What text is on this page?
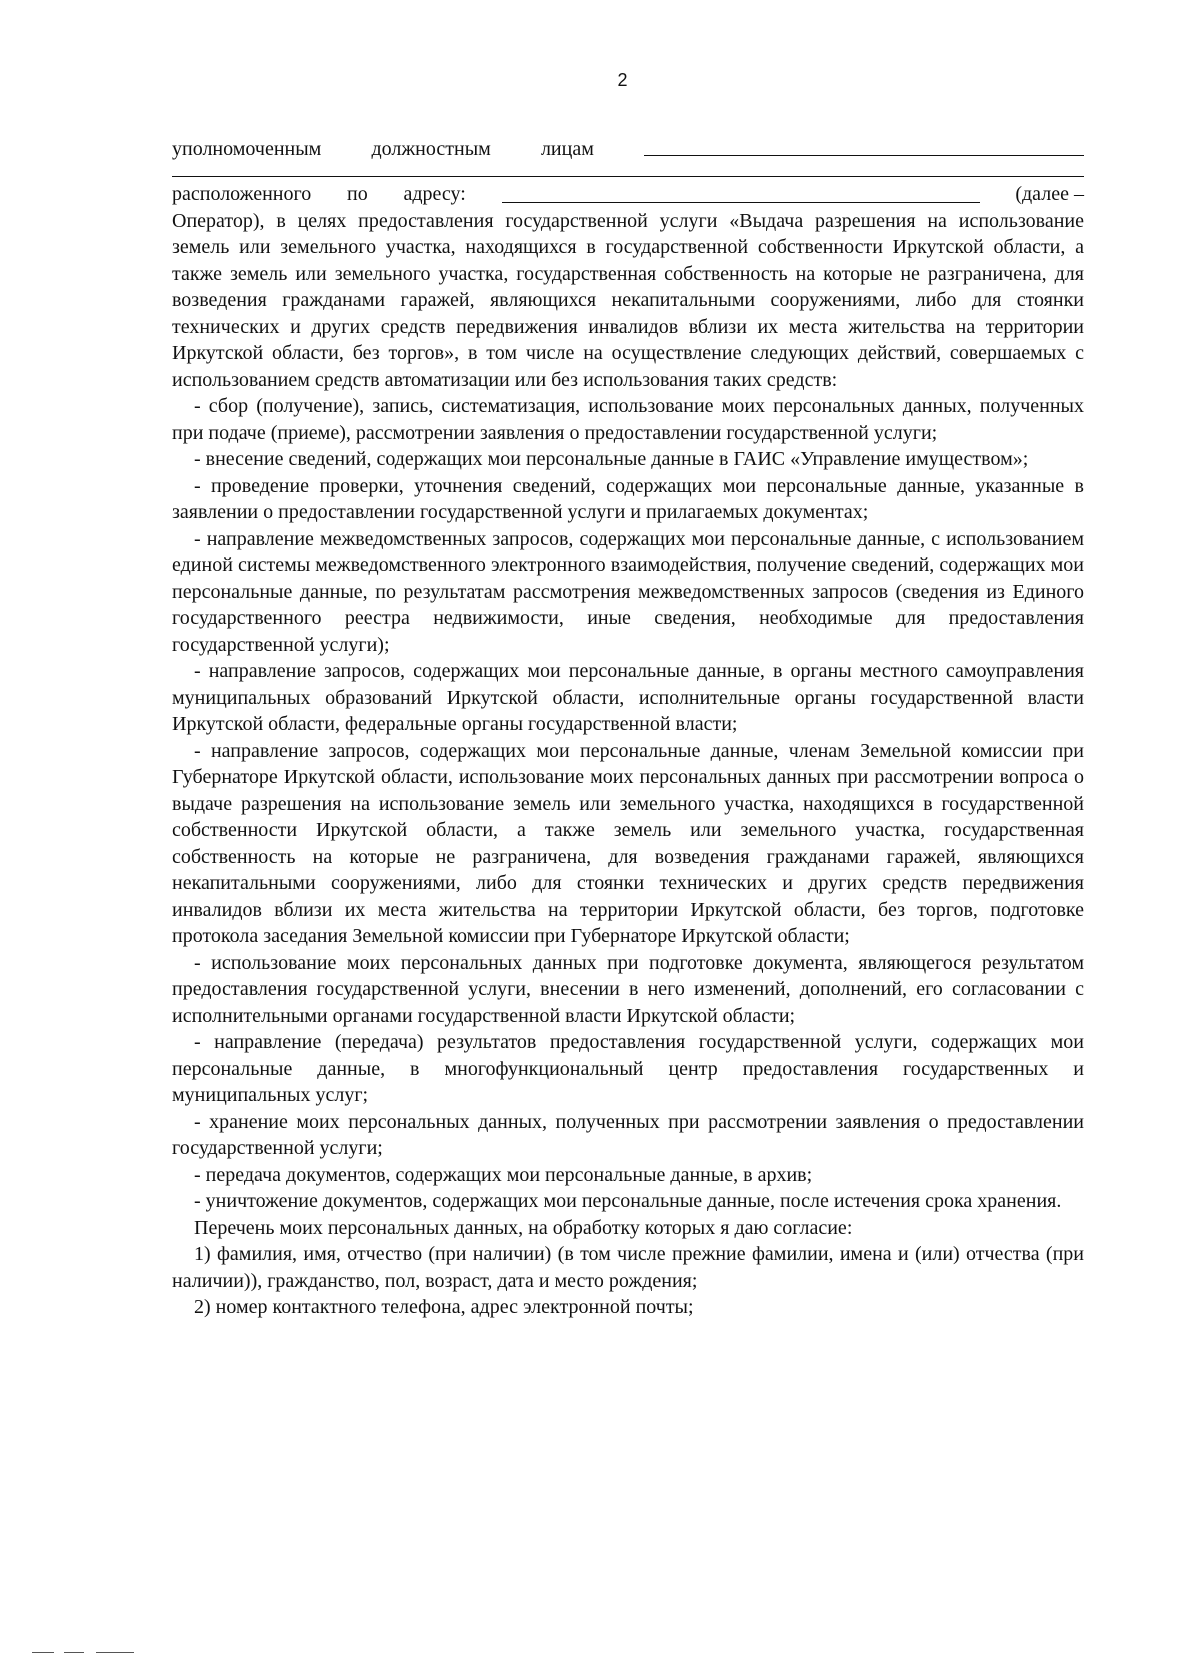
2
уполномоченным	должностным	лицам
расположенного по адресу:	(далее –

Оператор), в целях предоставления государственной услуги «Выдача разрешения на использование земель или земельного участка, находящихся в государственной собственности Иркутской области, а также земель или земельного участка, государственная собственность на которые не разграничена, для возведения гражданами гаражей, являющихся некапитальными сооружениями, либо для стоянки технических и других средств передвижения инвалидов вблизи их места жительства на территории Иркутской области, без торгов», в том числе на осуществление следующих действий, совершаемых с использованием средств автоматизации или без использования таких средств:

- сбор (получение), запись, систематизация, использование моих персональных данных, полученных при подаче (приеме), рассмотрении заявления о предоставлении государственной услуги;

- внесение сведений, содержащих мои персональные данные в ГАИС «Управление имуществом»;

- проведение проверки, уточнения сведений, содержащих мои персональные данные, указанные в заявлении о предоставлении государственной услуги и прилагаемых документах;

- направление межведомственных запросов, содержащих мои персональные данные, с использованием единой системы межведомственного электронного взаимодействия, получение сведений, содержащих мои персональные данные, по результатам рассмотрения межведомственных запросов (сведения из Единого государственного реестра недвижимости, иные сведения, необходимые для предоставления государственной услуги);

- направление запросов, содержащих мои персональные данные, в органы местного самоуправления муниципальных образований Иркутской области, исполнительные органы государственной власти Иркутской области, федеральные органы государственной власти;

- направление запросов, содержащих мои персональные данные, членам Земельной комиссии при Губернаторе Иркутской области, использование моих персональных данных при рассмотрении вопроса о выдаче разрешения на использование земель или земельного участка, находящихся в государственной собственности Иркутской области, а также земель или земельного участка, государственная собственность на которые не разграничена, для возведения гражданами гаражей, являющихся некапитальными сооружениями, либо для стоянки технических и других средств передвижения инвалидов вблизи их места жительства на территории Иркутской области, без торгов, подготовке протокола заседания Земельной комиссии при Губернаторе Иркутской области;

- использование моих персональных данных при подготовке документа, являющегося результатом предоставления государственной услуги, внесении в него изменений, дополнений, его согласовании с исполнительными органами государственной власти Иркутской области;

- направление (передача) результатов предоставления государственной услуги, содержащих мои персональные данные, в многофункциональный центр предоставления государственных и муниципальных услуг;

- хранение моих персональных данных, полученных при рассмотрении заявления о предоставлении государственной услуги;

- передача документов, содержащих мои персональные данные, в архив;

- уничтожение документов, содержащих мои персональные данные, после истечения срока хранения.

Перечень моих персональных данных, на обработку которых я даю согласие:

1) фамилия, имя, отчество (при наличии) (в том числе прежние фамилии, имена и (или) отчества (при наличии)), гражданство, пол, возраст, дата и место рождения;

2) номер контактного телефона, адрес электронной почты;
